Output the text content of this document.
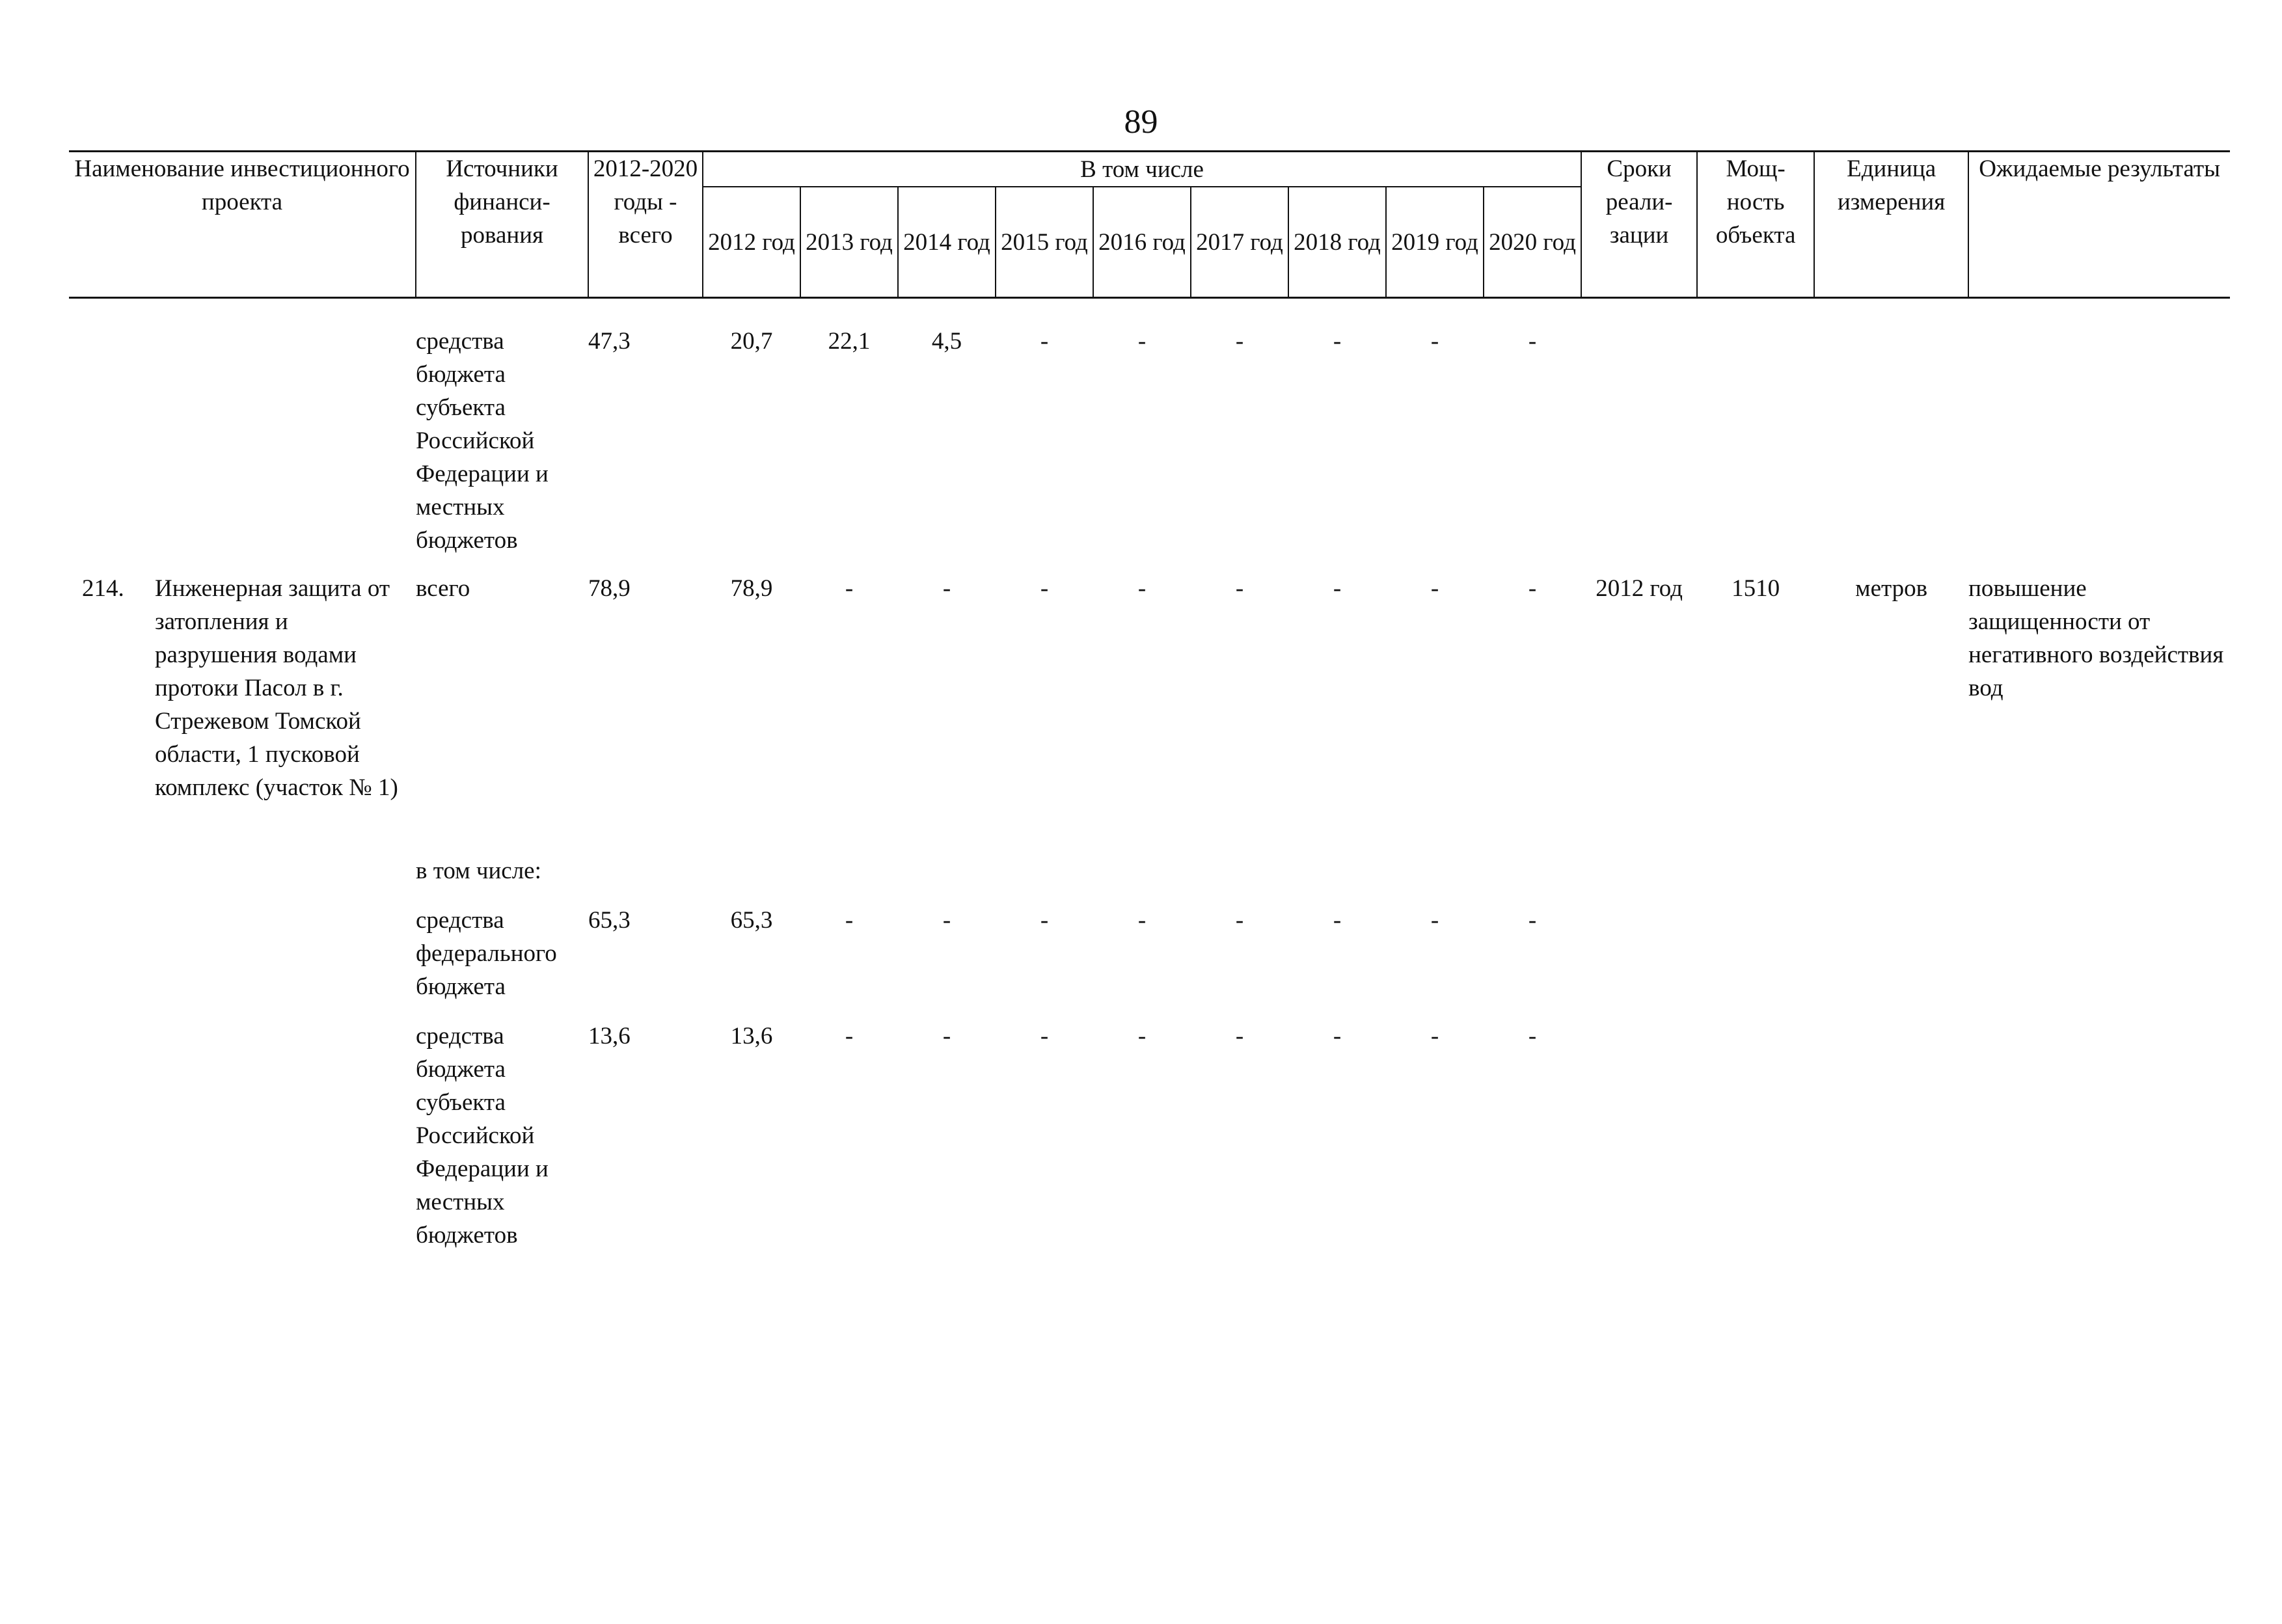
89
Наименование инвестиционного проекта	Источники финанси-рования	2012-2020 годы - всего	В том числе									Сроки реали-зации	Мощ-ность объекта	Единица измерения	Ожидаемые результаты
			2012 год	2013 год	2014 год	2015 год	2016 год	2017 год	2018 год	2019 год	2020 год				

	средства бюджета субъекта Российской Федерации и местных бюджетов	47,3	20,7	22,1	4,5	-	-	-	-	-	-				

214. Инженерная защита от затопления и разрушения водами протоки Пасол в г. Стрежевом Томской области, 1 пусковой комплекс (участок № 1)	всего	78,9	78,9	-	-	-	-	-	-	-	-	2012 год	1510	метров	повышение защищенности от негативного воздействия вод

	в том числе:														

	средства федерального бюджета	65,3	65,3	-	-	-	-	-	-	-	-				

	средства бюджета субъекта Российской Федерации и местных бюджетов	13,6	13,6	-	-	-	-	-	-	-	-				
